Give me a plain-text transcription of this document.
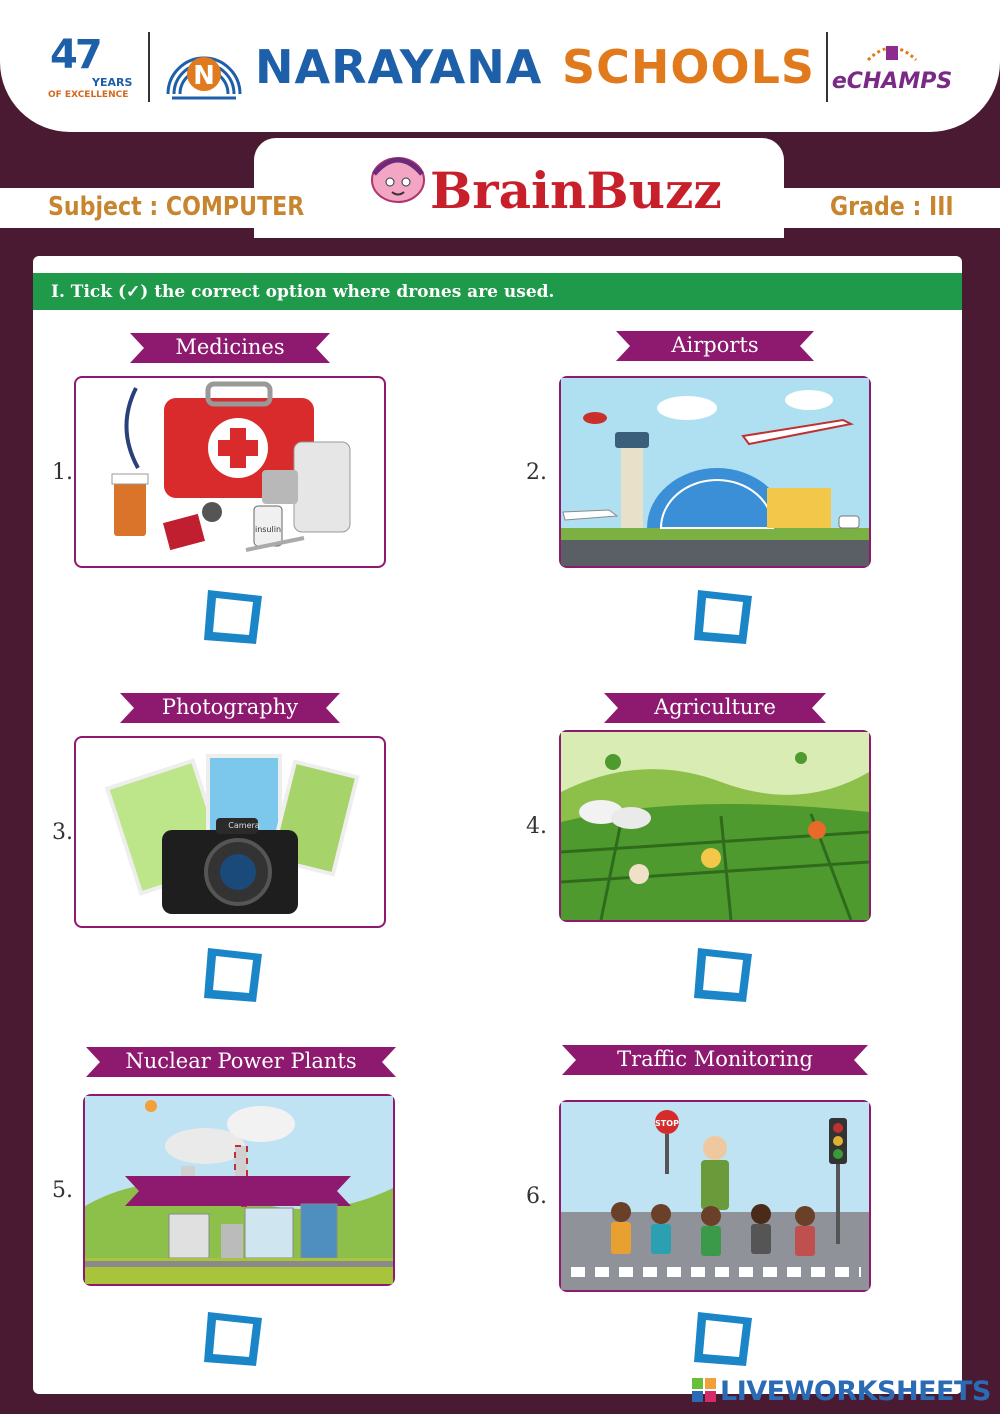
47
YEARS
OF EXCELLENCE
N NARAYANA SCHOOLS eCHAMPS
Subject : COMPUTER	Grade : III
BrainBuzz
I. Tick (✓) the correct option where drones are used.
Medicines
1.
insulin
Airports
2.
Photography
3.	Camera
Agriculture
4.
Nuclear Power Plants
5.
Traffic Monitoring
6.
STOP
LIVEWORKSHEETS
